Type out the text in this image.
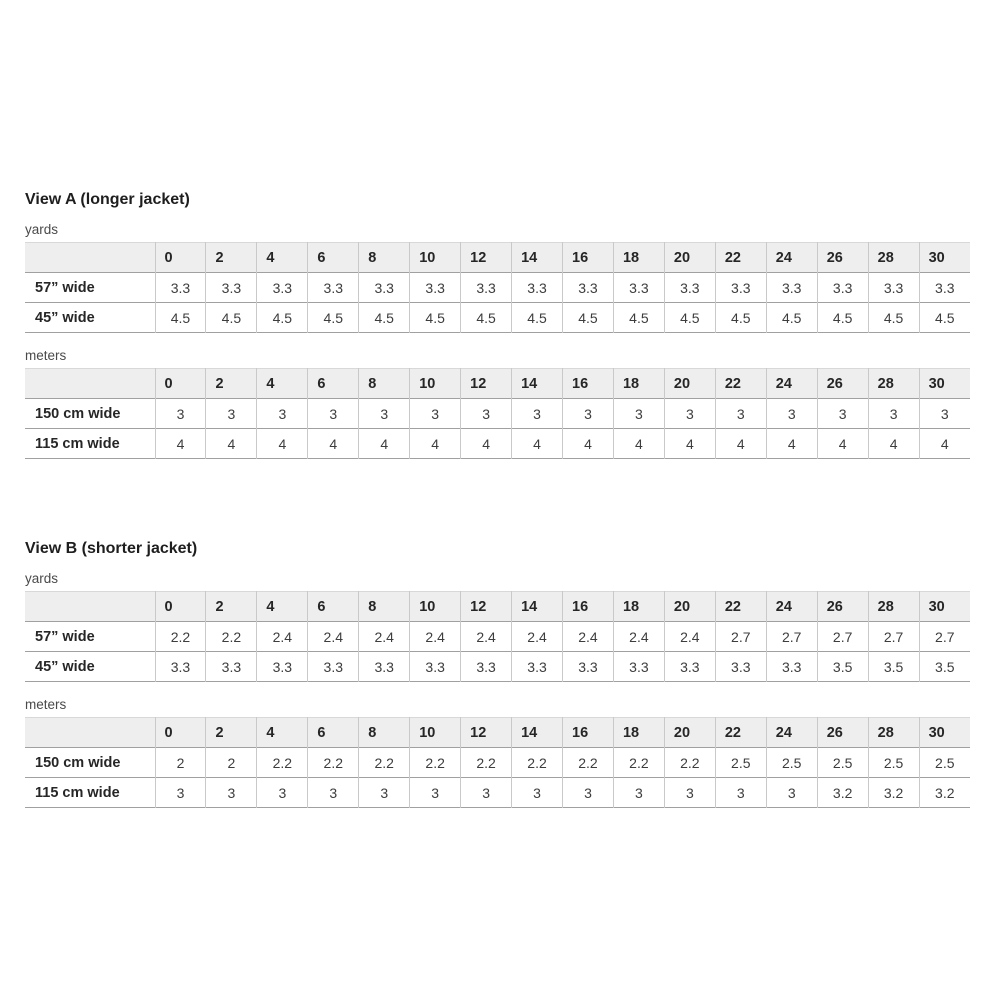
View A (longer jacket)
yards
	0	2	4	6	8	10	12	14	16	18	20	22	24	26	28	30
57” wide	3.3	3.3	3.3	3.3	3.3	3.3	3.3	3.3	3.3	3.3	3.3	3.3	3.3	3.3	3.3	3.3
45” wide	4.5	4.5	4.5	4.5	4.5	4.5	4.5	4.5	4.5	4.5	4.5	4.5	4.5	4.5	4.5	4.5
meters
	0	2	4	6	8	10	12	14	16	18	20	22	24	26	28	30
150 cm wide	3	3	3	3	3	3	3	3	3	3	3	3	3	3	3	3
115 cm wide	4	4	4	4	4	4	4	4	4	4	4	4	4	4	4	4
View B (shorter jacket)
yards
	0	2	4	6	8	10	12	14	16	18	20	22	24	26	28	30
57” wide	2.2	2.2	2.4	2.4	2.4	2.4	2.4	2.4	2.4	2.4	2.4	2.7	2.7	2.7	2.7	2.7
45” wide	3.3	3.3	3.3	3.3	3.3	3.3	3.3	3.3	3.3	3.3	3.3	3.3	3.3	3.5	3.5	3.5
meters
	0	2	4	6	8	10	12	14	16	18	20	22	24	26	28	30
150 cm wide	2	2	2.2	2.2	2.2	2.2	2.2	2.2	2.2	2.2	2.2	2.5	2.5	2.5	2.5	2.5
115 cm wide	3	3	3	3	3	3	3	3	3	3	3	3	3	3.2	3.2	3.2
